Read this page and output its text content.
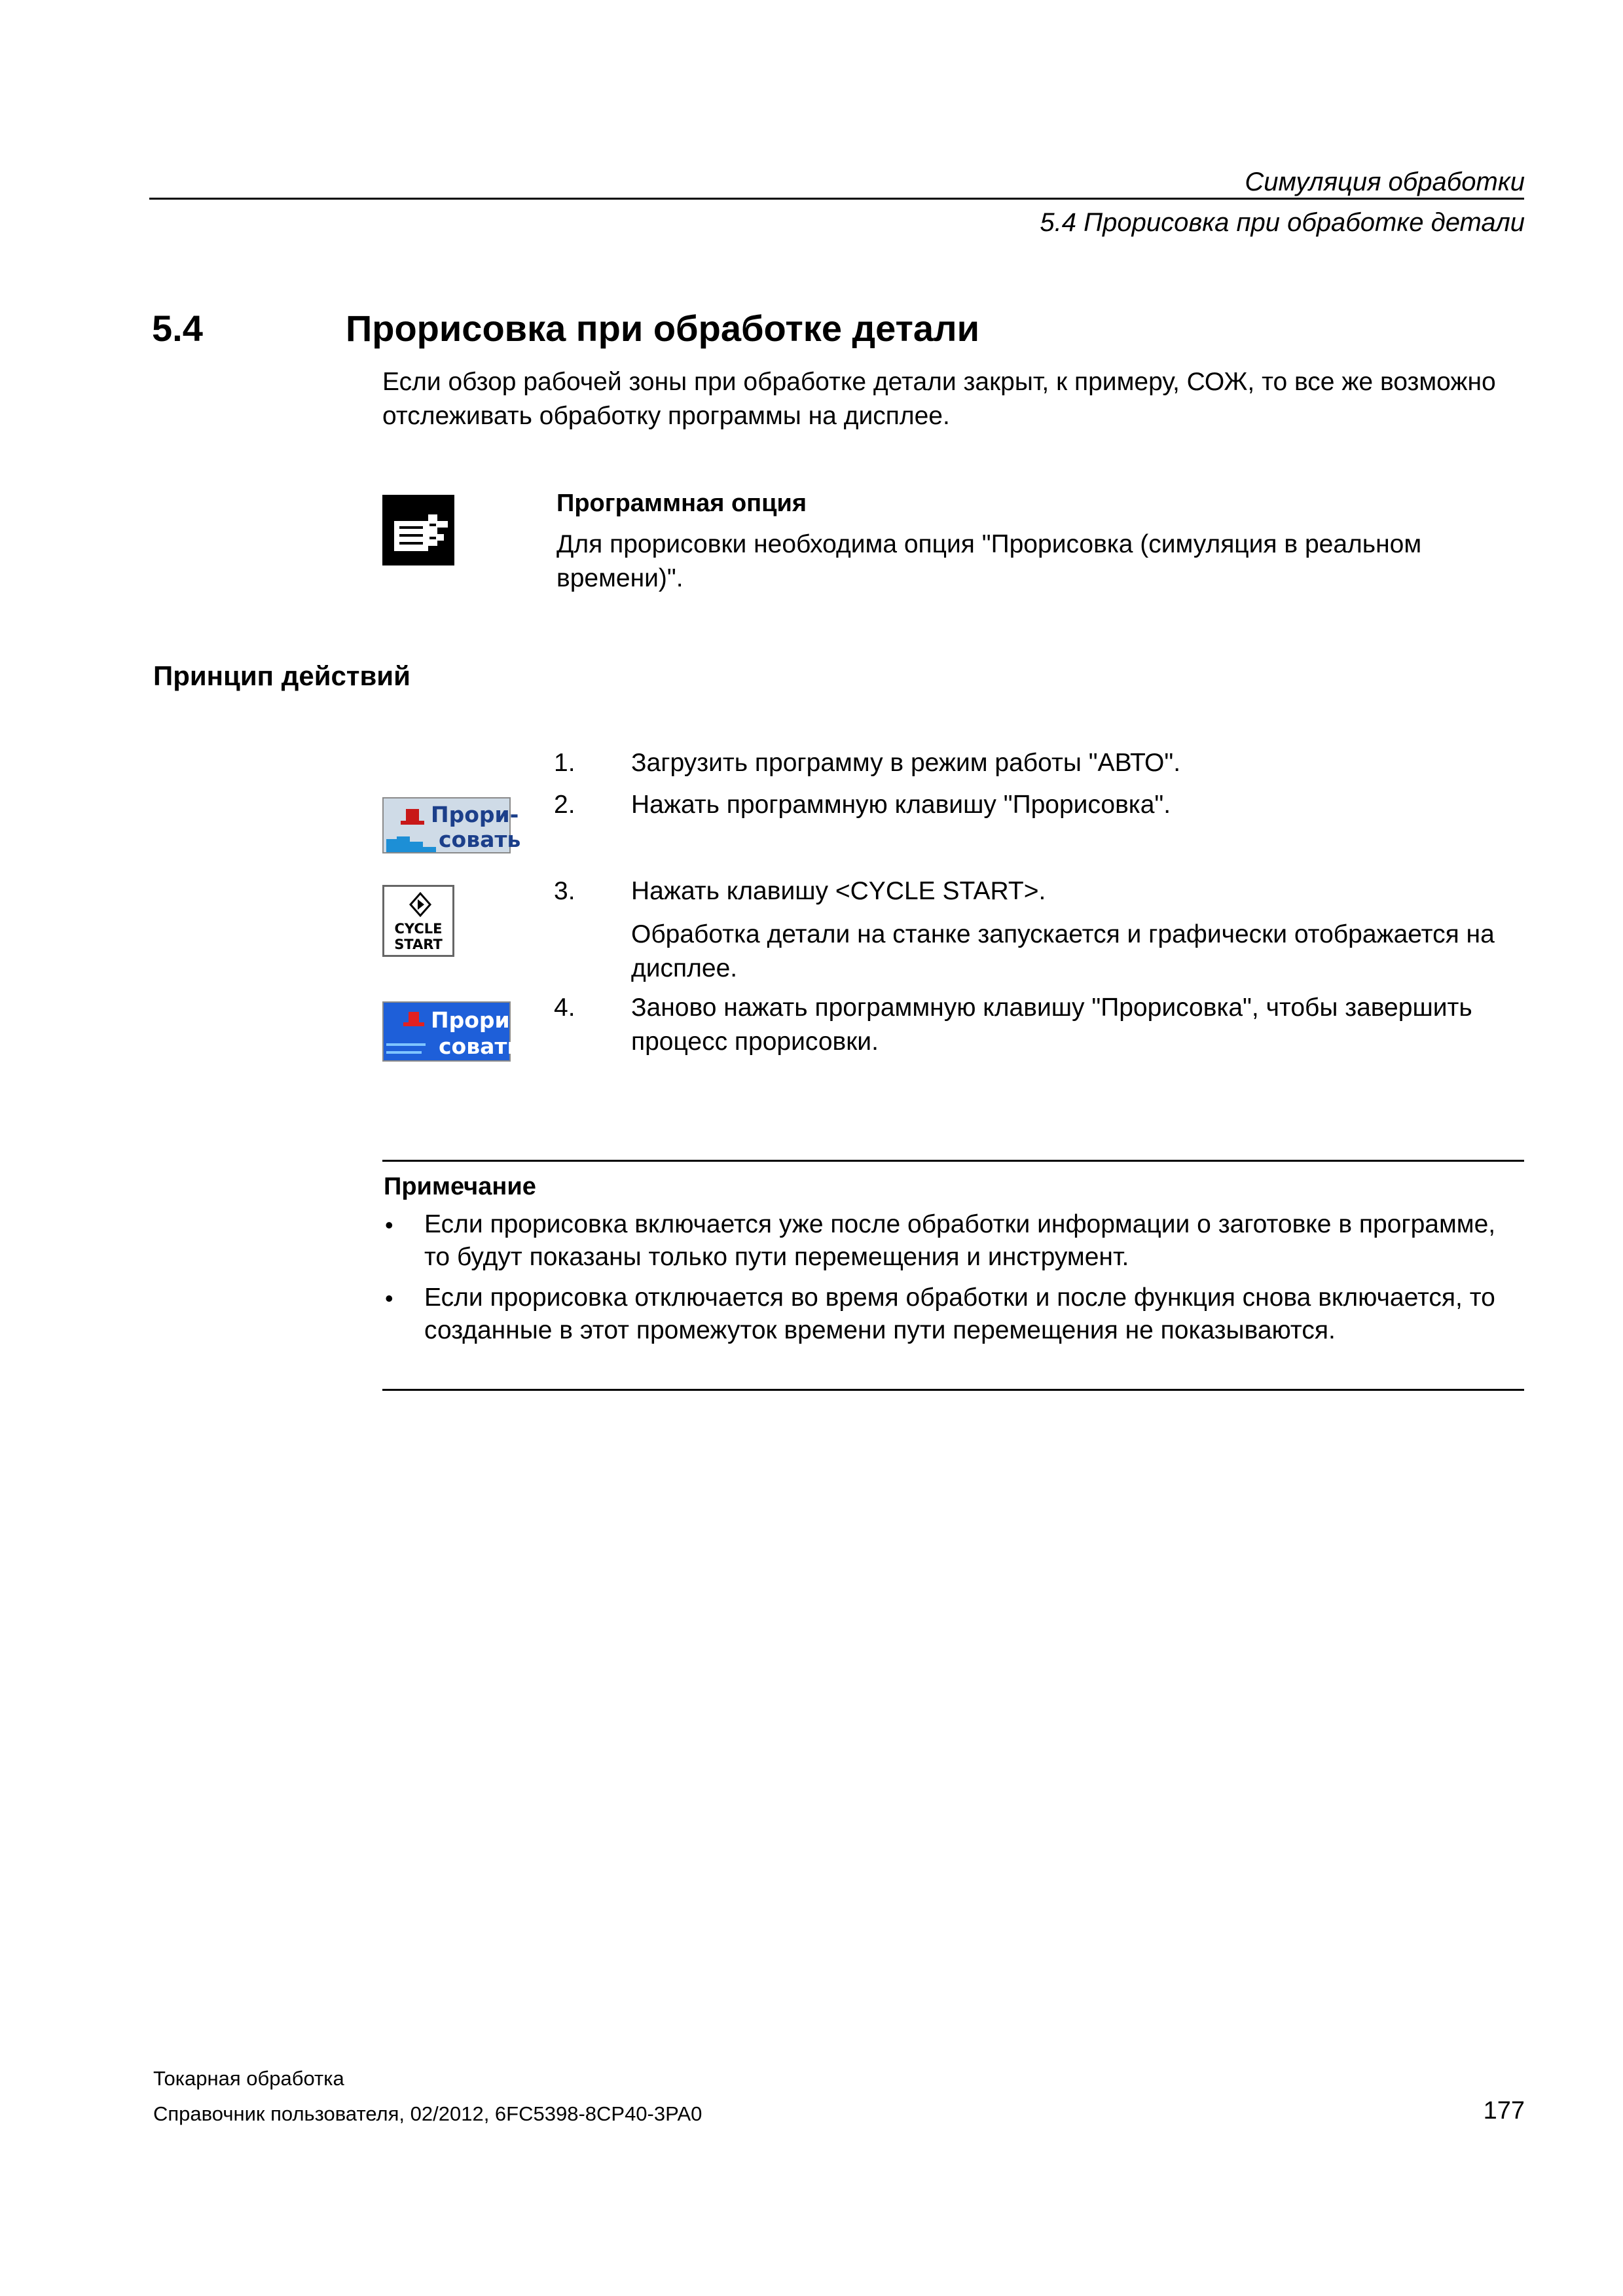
Симуляция обработки
5.4 Прорисовка при обработке детали
5.4	Прорисовка при обработке детали
Если обзор рабочей зоны при обработке детали закрыт, к примеру, СОЖ, то все же возможно отслеживать обработку программы на дисплее.
Программная опция
Для прорисовки необходима опция "Прорисовка (симуляция в реальном времени)".
Принцип действий
1.	Загрузить программу в режим работы "АВТО".
2.	Нажать программную клавишу "Прорисовка".
Прори-
совать
3.	Нажать клавишу <CYCLE START>.
Обработка детали на станке запускается и графически отображается на дисплее.
CYCLE
START
4.	Заново нажать программную клавишу "Прорисовка", чтобы завершить процесс прорисовки.
Прори-
совать
Примечание
• Если прорисовка включается уже после обработки информации о заготовке в программе, то будут показаны только пути перемещения и инструмент.
• Если прорисовка отключается во время обработки и после функция снова включается, то созданные в этот промежуток времени пути перемещения не показываются.
Токарная обработка
Справочник пользователя, 02/2012, 6FC5398-8CP40-3PA0	177
